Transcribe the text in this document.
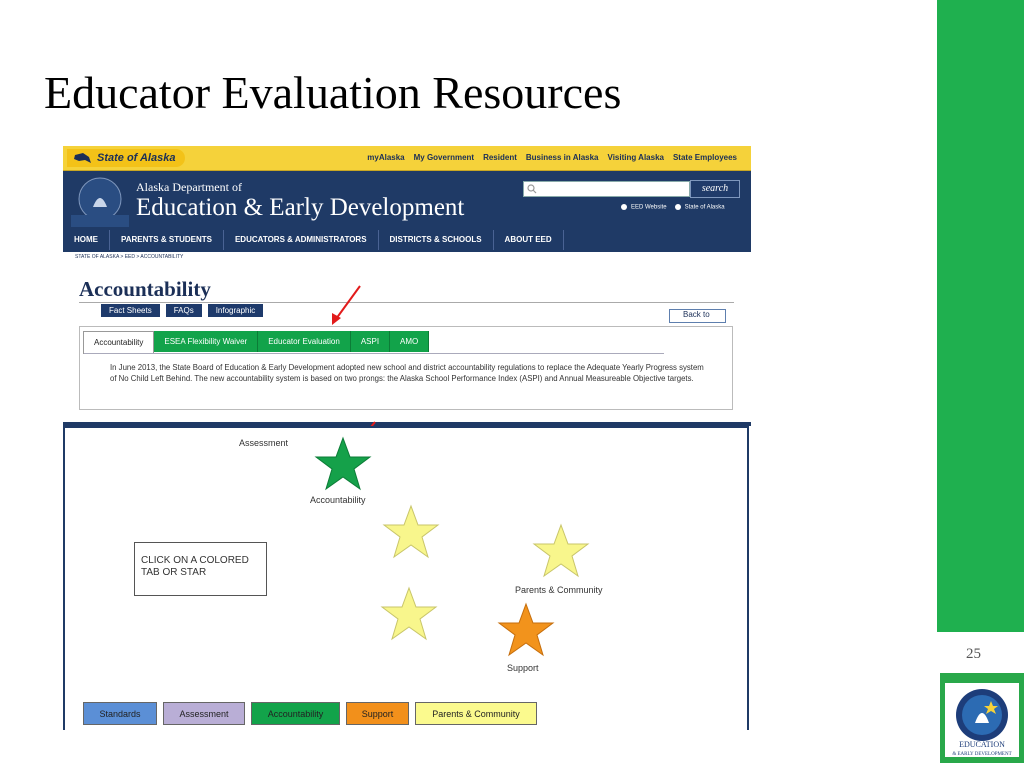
Educator Evaluation Resources
25
EDUCATION
& EARLY DEVELOPMENT
State of Alaska	myAlaska My Government Resident Business in Alaska Visiting Alaska State Employees
Alaska Department of
Education & Early Development
search
EED Website	State of Alaska
HOME	PARENTS & STUDENTS	EDUCATORS & ADMINISTRATORS	DISTRICTS & SCHOOLS	ABOUT EED
STATE OF ALASKA > EED > ACCOUNTABILITY
Accountability
Fact Sheets	FAQs	Infographic	Back to
Accountability	ESEA Flexibility Waiver	Educator Evaluation	ASPI	AMO

In June 2013, the State Board of Education & Early Development adopted new school and district accountability regulations to replace the Adequate Yearly Progress system of No Child Left Behind. The new accountability system is based on two prongs: the Alaska School Performance Index (ASPI) and Annual Measureable Objective targets.

Assessment
Accountability
Parents & Community
Support
CLICK ON A COLORED TAB OR STAR
Standards	Assessment	Accountability	Support	Parents & Community
